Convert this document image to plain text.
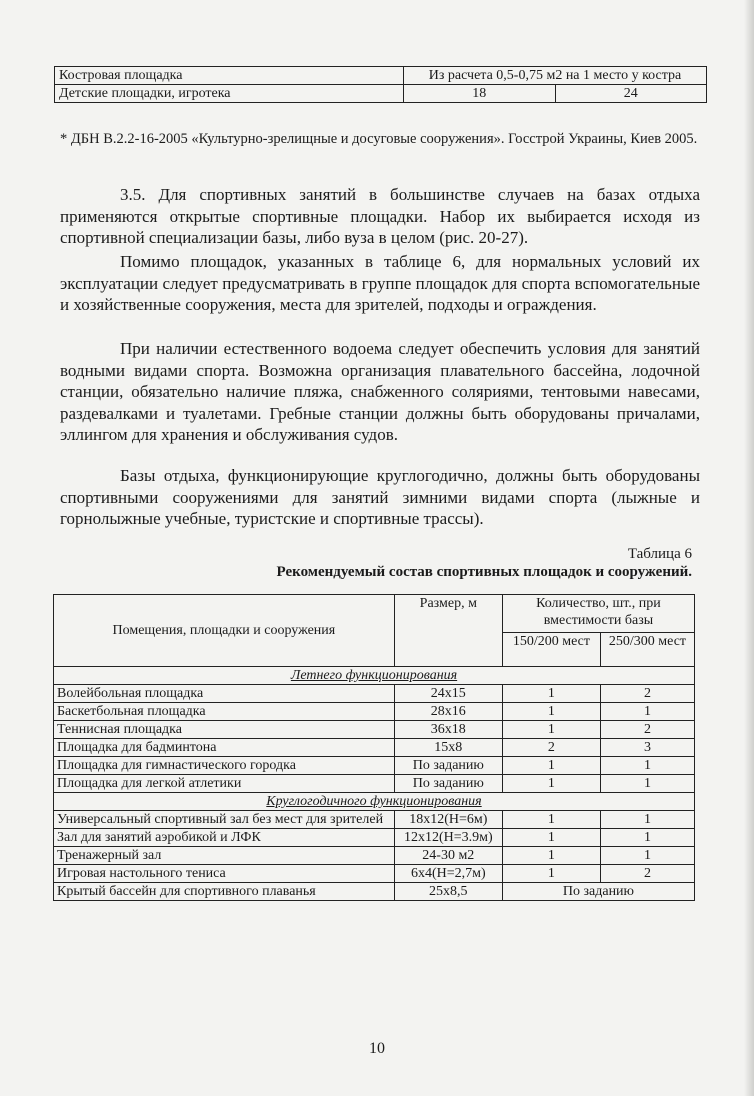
Костровая площадка	Из расчета 0,5-0,75 м2 на 1 место у костра	
Детские площадки, игротека	18	24
* ДБН В.2.2-16-2005 «Культурно-зрелищные и досуговые сооружения». Госстрой Украины, Киев 2005.

3.5. Для спортивных занятий в большинстве случаев на базах отдыха применяются открытые спортивные площадки. Набор их выбирается исходя из спортивной специализации базы, либо вуза в целом (рис. 20-27).

Помимо площадок, указанных в таблице 6, для нормальных условий их эксплуатации следует предусматривать в группе площадок для спорта вспомогательные и хозяйственные сооружения, места для зрителей, подходы и ограждения.

При наличии естественного водоема следует обеспечить условия для занятий водными видами спорта. Возможна организация плавательного бассейна, лодочной станции, обязательно наличие пляжа, снабженного соляриями, тентовыми навесами, раздевалками и туалетами. Гребные станции должны быть оборудованы причалами, эллингом для хранения и обслуживания судов.

Базы отдыха, функционирующие круглогодично, должны быть оборудованы спортивными сооружениями для занятий зимними видами спорта (лыжные и горнолыжные учебные, туристские и спортивные трассы).

Таблица 6
Рекомендуемый состав спортивных площадок и сооружений.
Помещения, площадки и сооружения	Размер, м	Количество, шт., при вместимости базы	
		150/200 мест	250/300 мест
Летнего функционирования			
Волейбольная площадка	24х15	1	2
Баскетбольная площадка	28х16	1	1
Теннисная площадка	36х18	1	2
Площадка для бадминтона	15х8	2	3
Площадка для гимнастического городка	По заданию	1	1
Площадка для легкой атлетики	По заданию	1	1
Круглогодичного функционирования			
Универсальный спортивный зал без мест для зрителей	18х12(Н=6м)	1	1
Зал для занятий аэробикой и ЛФК	12х12(Н=3.9м)	1	1
Тренажерный зал	24-30 м2	1	1
Игровая настольного тениса	6х4(Н=2,7м)	1	2
Крытый бассейн для спортивного плаванья	25х8,5	По заданию	
10
